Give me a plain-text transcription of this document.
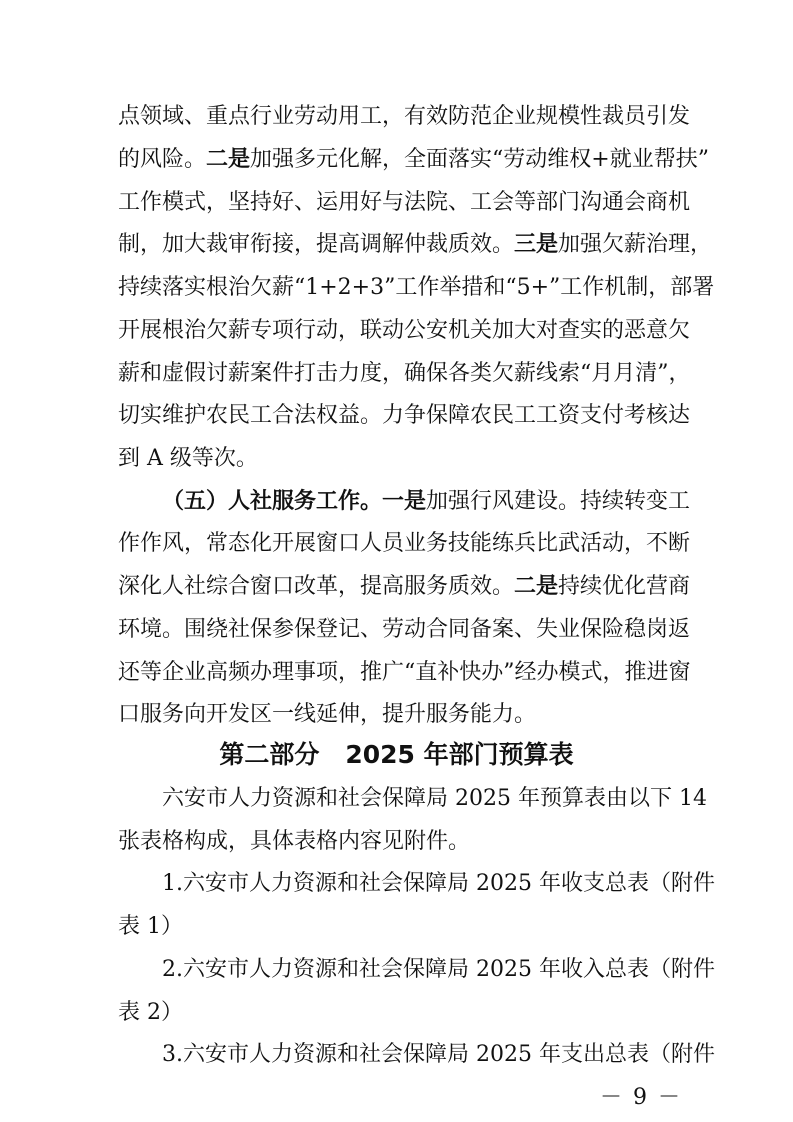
点领域、重点行业劳动用工，有效防范企业规模性裁员引发
的风险。二是加强多元化解，全面落实“劳动维权+就业帮扶”
工作模式，坚持好、运用好与法院、工会等部门沟通会商机
制，加大裁审衔接，提高调解仲裁质效。三是加强欠薪治理，
持续落实根治欠薪“1+2+3”工作举措和“5+”工作机制，部署
开展根治欠薪专项行动，联动公安机关加大对查实的恶意欠
薪和虚假讨薪案件打击力度，确保各类欠薪线索“月月清”，
切实维护农民工合法权益。力争保障农民工工资支付考核达
到 A 级等次。
（五）人社服务工作。一是加强行风建设。持续转变工
作作风，常态化开展窗口人员业务技能练兵比武活动，不断
深化人社综合窗口改革，提高服务质效。二是持续优化营商
环境。围绕社保参保登记、劳动合同备案、失业保险稳岗返
还等企业高频办理事项，推广“直补快办”经办模式，推进窗
口服务向开发区一线延伸，提升服务能力。
第二部分 2025 年部门预算表
六安市人力资源和社会保障局 2025 年预算表由以下 14
张表格构成，具体表格内容见附件。
1.六安市人力资源和社会保障局 2025 年收支总表（附件
表 1）
2.六安市人力资源和社会保障局 2025 年收入总表（附件
表 2）
3.六安市人力资源和社会保障局 2025 年支出总表（附件
－ 9 －
